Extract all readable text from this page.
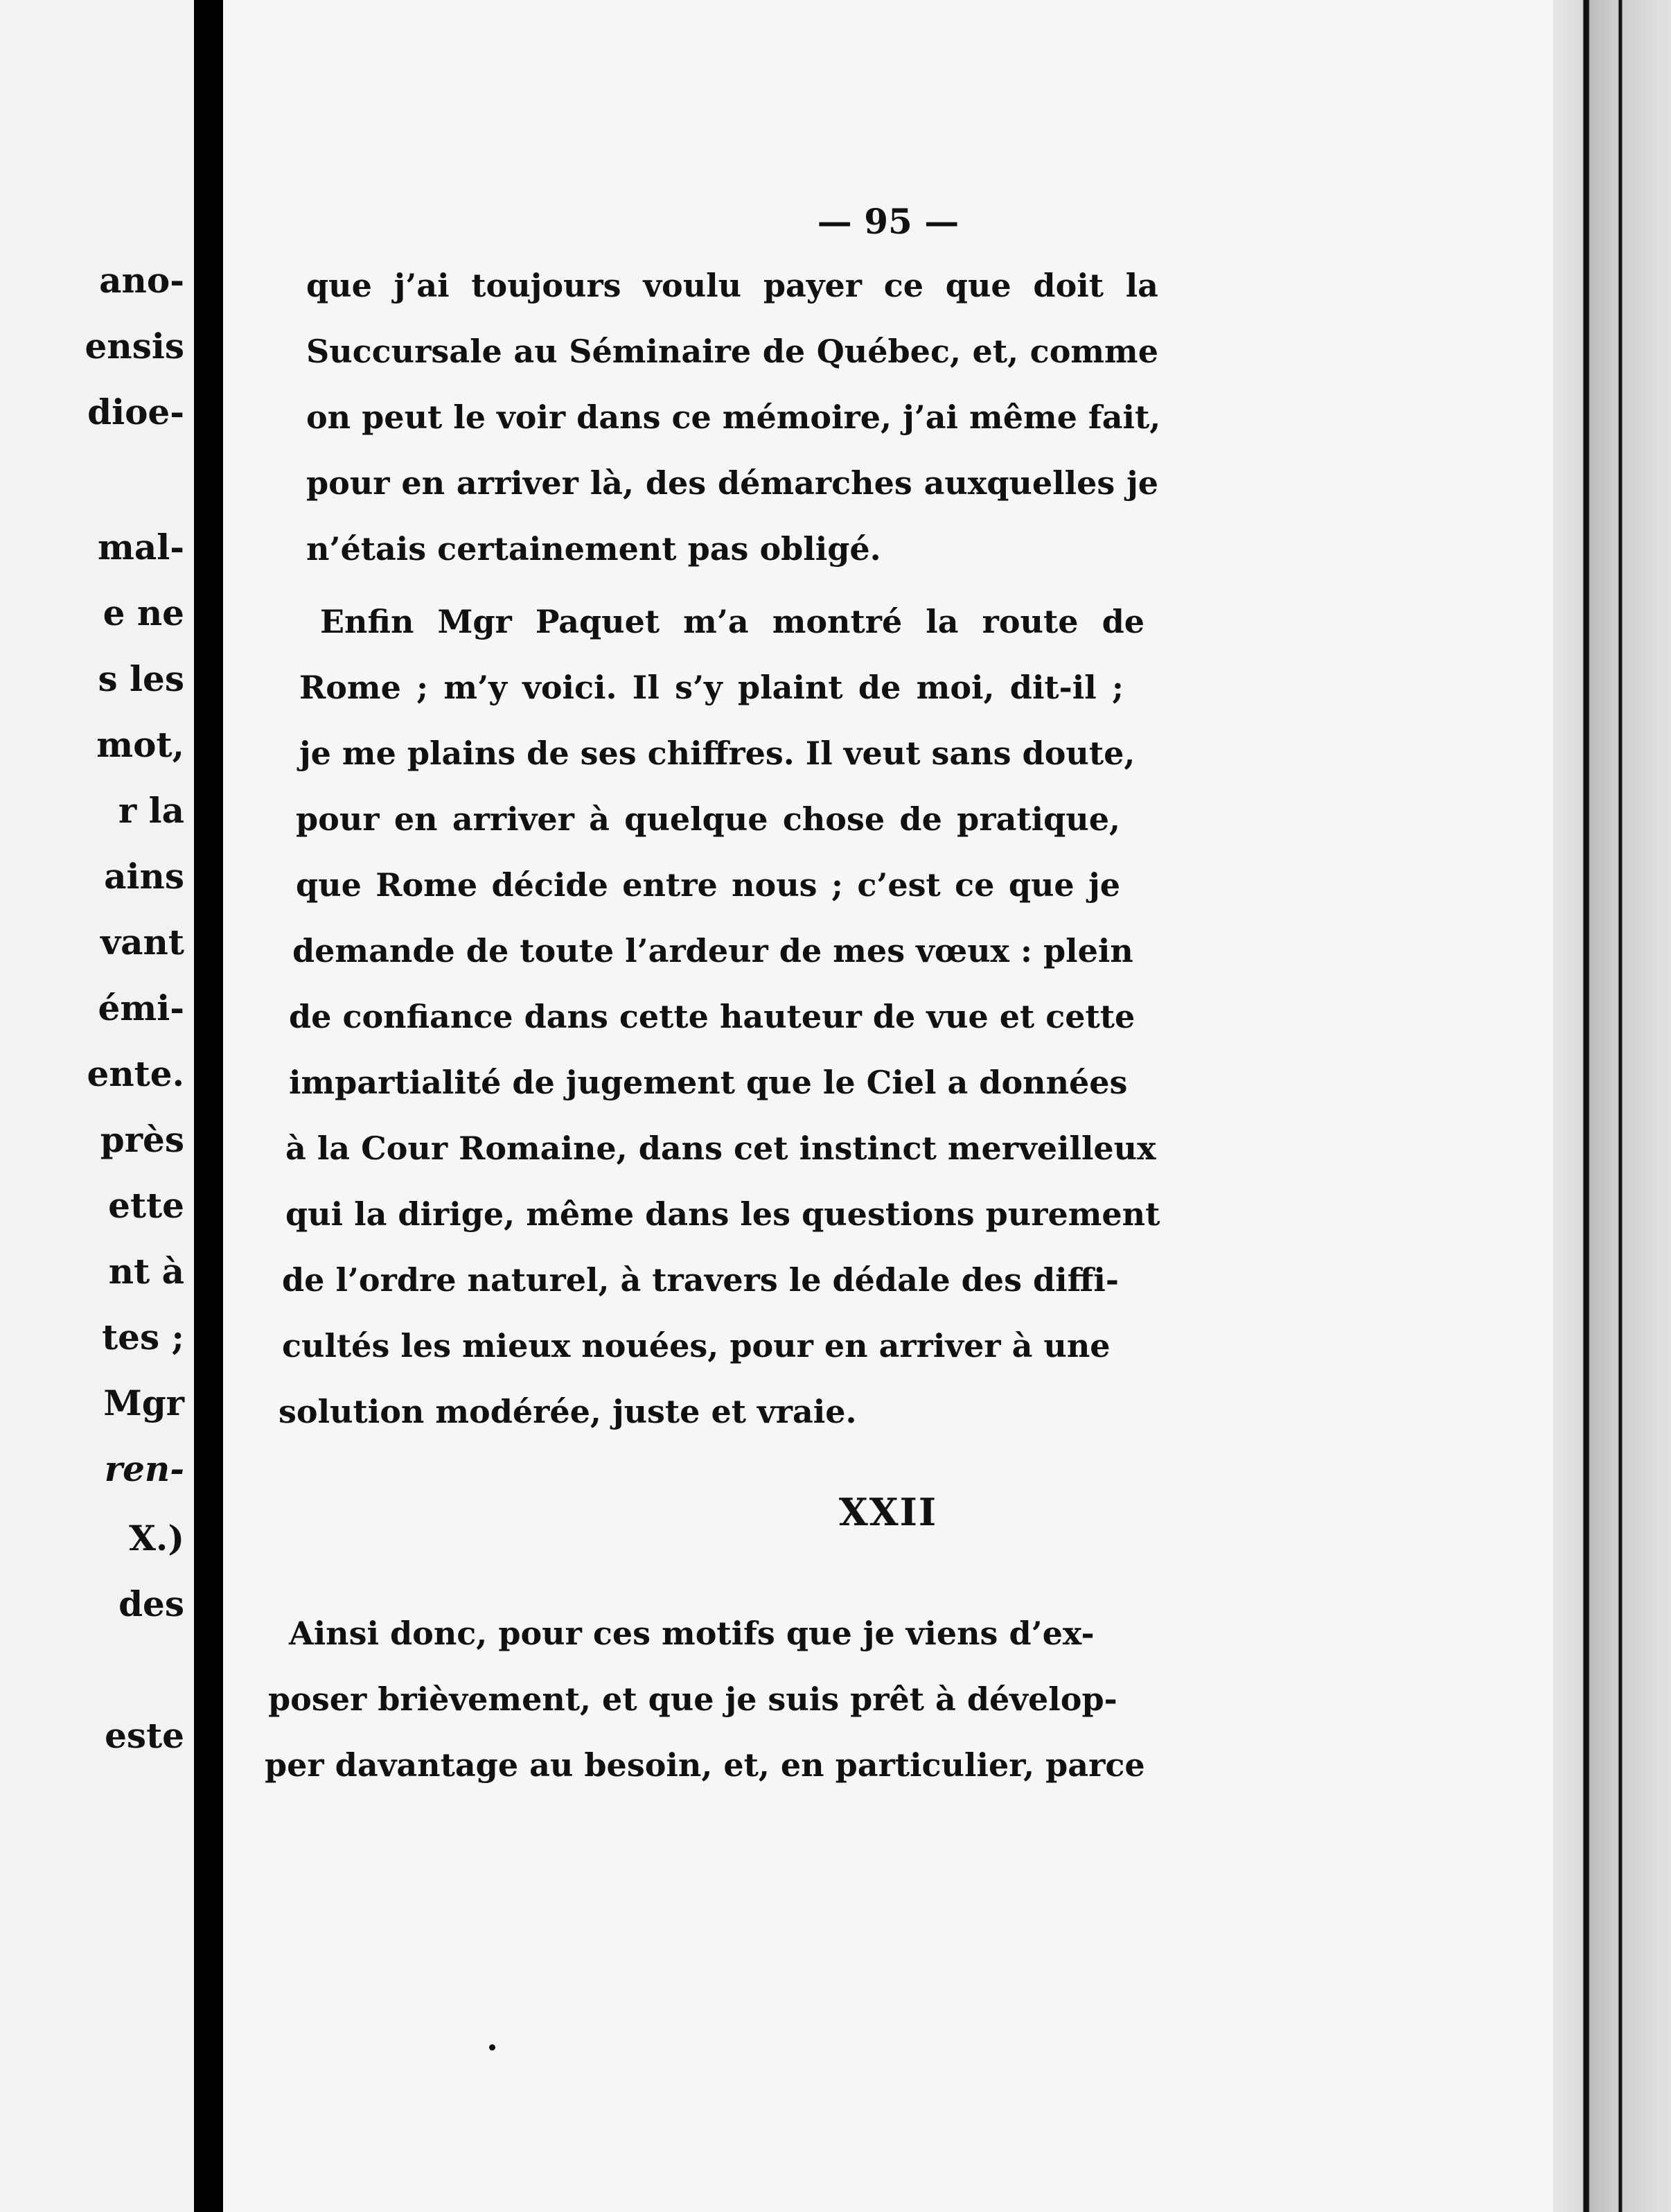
ano-
ensis
dioe-
mal-
e ne
s les
mot,
r la
ains
vant
émi-
ente.
près
ette
nt à
tes ;
Mgr
ren-
X.)
des
este
— 95 —
que j’ai toujours voulu payer ce que doit la
Succursale au Séminaire de Québec, et, comme
on peut le voir dans ce mémoire, j’ai même fait,
pour en arriver là, des démarches auxquelles je
n’étais certainement pas obligé.
Enfin Mgr Paquet m’a montré la route de
Rome ; m’y voici. Il s’y plaint de moi, dit-il ;
je me plains de ses chiffres. Il veut sans doute,
pour en arriver à quelque chose de pratique,
que Rome décide entre nous ; c’est ce que je
demande de toute l’ardeur de mes vœux : plein
de confiance dans cette hauteur de vue et cette
impartialité de jugement que le Ciel a données
à la Cour Romaine, dans cet instinct merveilleux
qui la dirige, même dans les questions purement
de l’ordre naturel, à travers le dédale des diffi-
cultés les mieux nouées, pour en arriver à une
solution modérée, juste et vraie.
Ainsi donc, pour ces motifs que je viens d’ex-
poser brièvement, et que je suis prêt à dévelop-
per davantage au besoin, et, en particulier, parce
XXII
